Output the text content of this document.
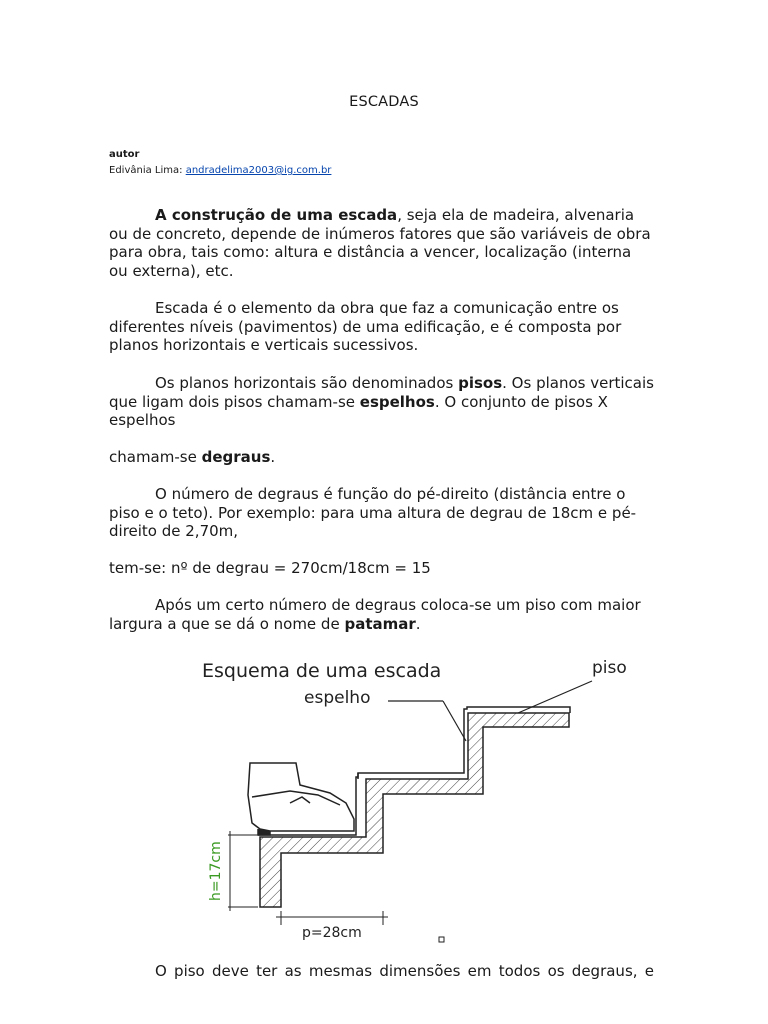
ESCADAS
autor
Edivânia Lima: andradelima2003@ig.com.br

A construção de uma escada, seja ela de madeira, alvenaria ou de concreto, depende de inúmeros fatores que são variáveis de obra para obra, tais como: altura e distância a vencer, localização (interna ou externa), etc.

Escada é o elemento da obra que faz a comunicação entre os diferentes níveis (pavimentos) de uma edificação, e é composta por planos horizontais e verticais sucessivos.

Os planos horizontais são denominados pisos. Os planos verticais que ligam dois pisos chamam-se espelhos. O conjunto de pisos X espelhos

chamam-se degraus.

O número de degraus é função do pé-direito (distância entre o piso e o teto). Por exemplo: para uma altura de degrau de 18cm e pé-direito de 2,70m,

tem-se: nº de degrau = 270cm/18cm = 15

Após um certo número de degraus coloca-se um piso com maior largura a que se dá o nome de patamar.

Esquema de uma escada
espelho
piso
h=17cm
p=28cm

O piso deve ter as mesmas dimensões em todos os degraus, e
